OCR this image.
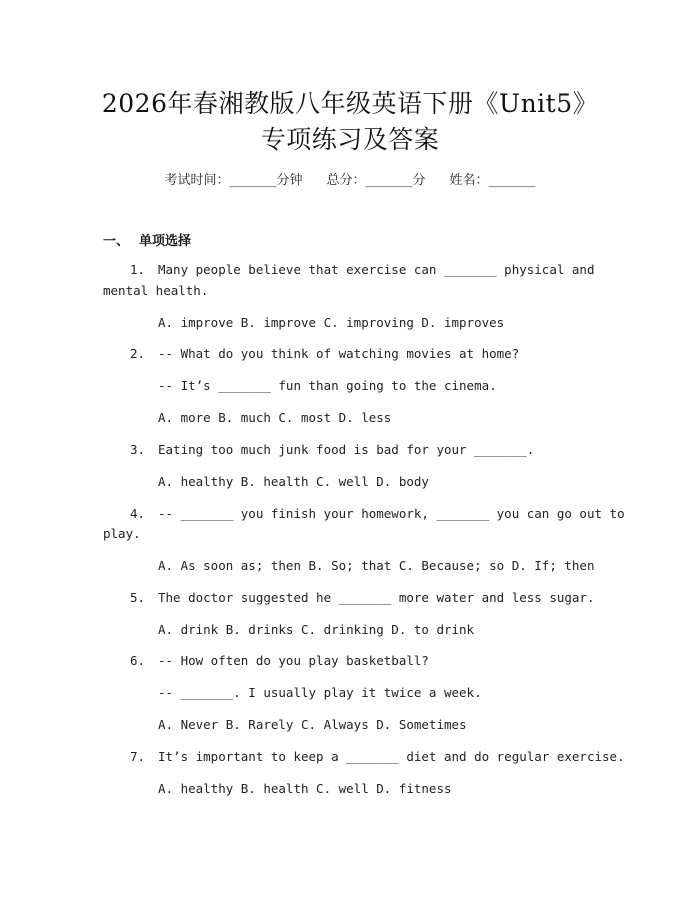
2026年春湘教版八年级英语下册《Unit5》
专项练习及答案
考试时间：______分钟 总分：______分 姓名：______
一、 单项选择
1. Many people believe that exercise can _______ physical and
mental health.
A. improve B. improve C. improving D. improves
2. -- What do you think of watching movies at home?
-- It’s _______ fun than going to the cinema.
A. more B. much C. most D. less
3. Eating too much junk food is bad for your _______.
A. healthy B. health C. well D. body
4. -- _______ you finish your homework, _______ you can go out to
play.
A. As soon as; then B. So; that C. Because; so D. If; then
5. The doctor suggested he _______ more water and less sugar.
A. drink B. drinks C. drinking D. to drink
6. -- How often do you play basketball?
-- _______. I usually play it twice a week.
A. Never B. Rarely C. Always D. Sometimes
7. It’s important to keep a _______ diet and do regular exercise.
A. healthy B. health C. well D. fitness
